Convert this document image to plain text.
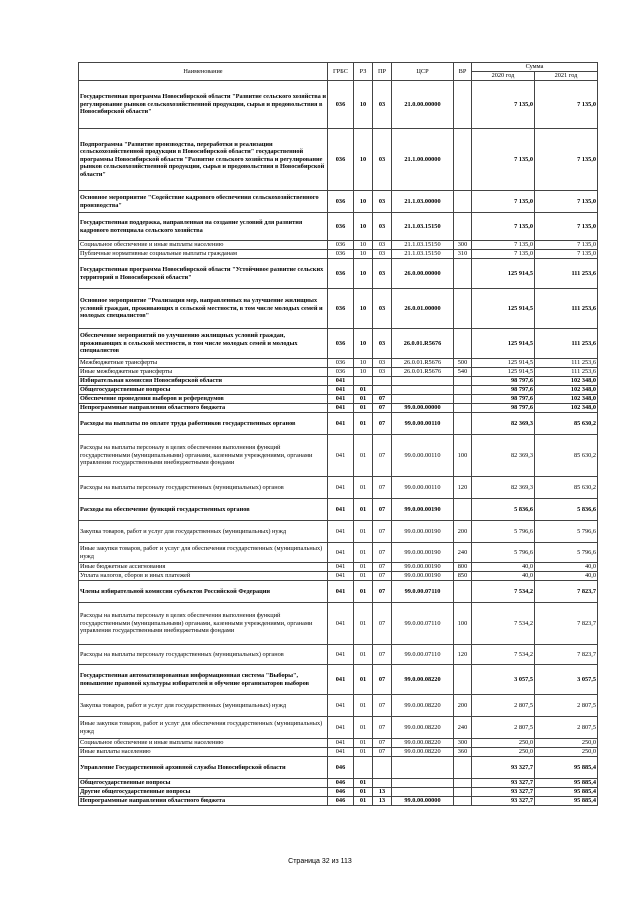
Наименование	ГРБС	РЗ	ПР	ЦСР	ВР	Сумма	
						2020 год	2021 год
Государственная программа Новосибирской области "Развитие сельского хозяйства и регулирование рынков сельскохозяйственной продукции, сырья и продовольствия в Новосибирской области"	036	10	03	21.0.00.00000		7 135,0	7 135,0
Подпрограмма "Развитие производства, переработки и реализации сельскохозяйственной продукции в Новосибирской области" государственной программы Новосибирской области "Развитие сельского хозяйства и регулирование рынков сельскохозяйственной продукции, сырья и продовольствия в Новосибирской области"	036	10	03	21.1.00.00000		7 135,0	7 135,0
Основное мероприятие "Содействие кадрового обеспечения сельскохозяйственного производства"	036	10	03	21.1.03.00000		7 135,0	7 135,0
Государственная поддержка, направленная на создание условий для развития кадрового потенциала сельского хозяйства	036	10	03	21.1.03.15150		7 135,0	7 135,0
Социальное обеспечение и иные выплаты населению	036	10	03	21.1.03.15150	300	7 135,0	7 135,0
Публичные нормативные социальные выплаты гражданам	036	10	03	21.1.03.15150	310	7 135,0	7 135,0
Государственная программа Новосибирской области "Устойчивое развитие сельских территорий в Новосибирской области"	036	10	03	26.0.00.00000		125 914,5	111 253,6
Основное мероприятие "Реализация мер, направленных на улучшение жилищных условий граждан, проживающих в сельской местности, в том числе молодых семей и молодых специалистов"	036	10	03	26.0.01.00000		125 914,5	111 253,6
Обеспечение мероприятий по улучшению жилищных условий граждан, проживающих в сельской местности, в том числе молодых семей и молодых специалистов	036	10	03	26.0.01.R5676		125 914,5	111 253,6
Межбюджетные трансферты	036	10	03	26.0.01.R5676	500	125 914,5	111 253,6
Иные межбюджетные трансферты	036	10	03	26.0.01.R5676	540	125 914,5	111 253,6
Избирательная комиссия Новосибирской области	041					98 797,6	102 348,0
Общегосударственные вопросы	041	01				98 797,6	102 348,0
Обеспечение проведения выборов и референдумов	041	01	07			98 797,6	102 348,0
Непрограммные направления областного бюджета	041	01	07	99.0.00.00000		98 797,6	102 348,0
Расходы на выплаты по оплате труда работников государственных органов	041	01	07	99.0.00.00110		82 369,3	85 630,2
Расходы на выплаты персоналу в целях обеспечения выполнения функций государственными (муниципальными) органами, казенными учреждениями, органами управления государственными внебюджетными фондами	041	01	07	99.0.00.00110	100	82 369,3	85 630,2
Расходы на выплаты персоналу государственных (муниципальных) органов	041	01	07	99.0.00.00110	120	82 369,3	85 630,2
Расходы на обеспечение функций государственных органов	041	01	07	99.0.00.00190		5 836,6	5 836,6
Закупка товаров, работ и услуг для государственных (муниципальных) нужд	041	01	07	99.0.00.00190	200	5 796,6	5 796,6
Иные закупки товаров, работ и услуг для обеспечения государственных (муниципальных) нужд	041	01	07	99.0.00.00190	240	5 796,6	5 796,6
Иные бюджетные ассигнования	041	01	07	99.0.00.00190	800	40,0	40,0
Уплата налогов, сборов и иных платежей	041	01	07	99.0.00.00190	850	40,0	40,0
Члены избирательной комиссии субъектов Российской Федерации	041	01	07	99.0.00.07110		7 534,2	7 823,7
Расходы на выплаты персоналу в целях обеспечения выполнения функций государственными (муниципальными) органами, казенными учреждениями, органами управления государственными внебюджетными фондами	041	01	07	99.0.00.07110	100	7 534,2	7 823,7
Расходы на выплаты персоналу государственных (муниципальных) органов	041	01	07	99.0.00.07110	120	7 534,2	7 823,7
Государственная автоматизированная информационная система "Выборы", повышение правовой культуры избирателей и обучение организаторов выборов	041	01	07	99.0.00.08220		3 057,5	3 057,5
Закупка товаров, работ и услуг для государственных (муниципальных) нужд	041	01	07	99.0.00.08220	200	2 807,5	2 807,5
Иные закупки товаров, работ и услуг для обеспечения государственных (муниципальных) нужд	041	01	07	99.0.00.08220	240	2 807,5	2 807,5
Социальное обеспечение и иные выплаты населению	041	01	07	99.0.00.08220	300	250,0	250,0
Иные выплаты населению	041	01	07	99.0.00.08220	360	250,0	250,0
Управление Государственной архивной службы Новосибирской области	046					93 327,7	95 885,4
Общегосударственные вопросы	046	01				93 327,7	95 885,4
Другие общегосударственные вопросы	046	01	13			93 327,7	95 885,4
Непрограммные направления областного бюджета	046	01	13	99.0.00.00000		93 327,7	95 885,4
Страница 32 из 113
